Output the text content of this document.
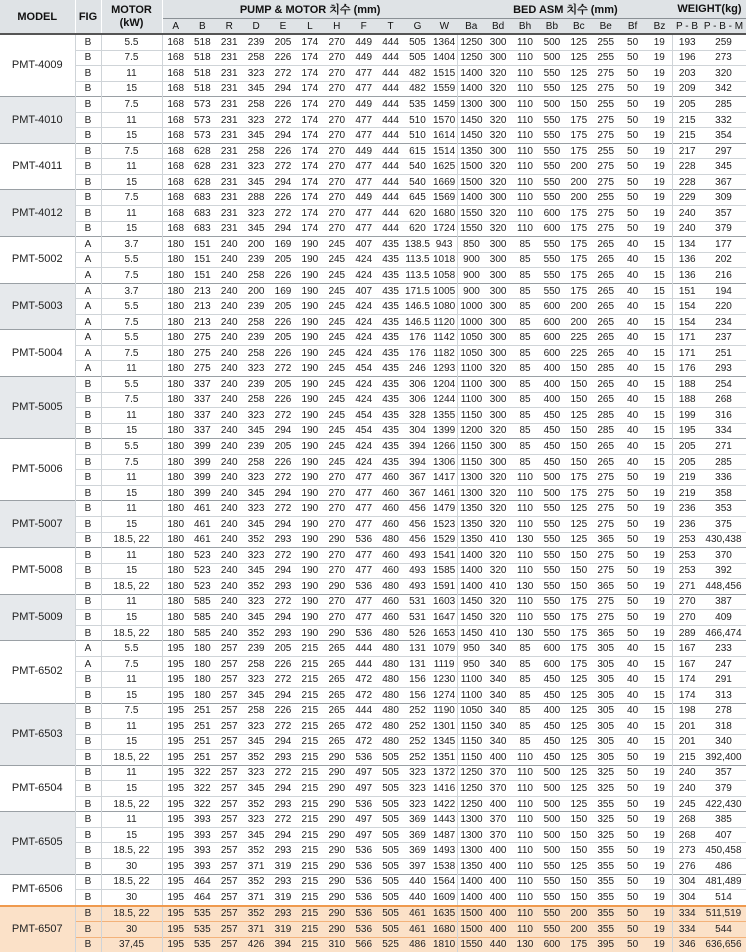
MODEL	FIG	MOTOR
(kW)	PUMP & MOTOR 치수 (mm)											BED ASM 치수 (mm)								WEIGHT(kg)	
			A	B	R	D	E	L	H	F	T	G	W	Ba	Bd	Bh	Bb	Bc	Be	Bf	Bz	P - B	P - B - M
PMT-4009	B	5.5	168	518	231	239	205	174	270	449	444	505	1364	1250	300	110	500	125	255	50	19	193	259
	B	7.5	168	518	231	258	226	174	270	449	444	505	1404	1250	300	110	500	125	255	50	19	196	273
	B	11	168	518	231	323	272	174	270	477	444	482	1515	1400	320	110	550	125	275	50	19	203	320
	B	15	168	518	231	345	294	174	270	477	444	482	1559	1400	320	110	550	125	275	50	19	209	342
PMT-4010	B	7.5	168	573	231	258	226	174	270	449	444	535	1459	1300	300	110	500	150	255	50	19	205	285
	B	11	168	573	231	323	272	174	270	477	444	510	1570	1450	320	110	550	175	275	50	19	215	332
	B	15	168	573	231	345	294	174	270	477	444	510	1614	1450	320	110	550	175	275	50	19	215	354
PMT-4011	B	7.5	168	628	231	258	226	174	270	449	444	615	1514	1350	300	110	550	175	255	50	19	217	297
	B	11	168	628	231	323	272	174	270	477	444	540	1625	1500	320	110	550	200	275	50	19	228	345
	B	15	168	628	231	345	294	174	270	477	444	540	1669	1500	320	110	550	200	275	50	19	228	367
PMT-4012	B	7.5	168	683	231	288	226	174	270	449	444	645	1569	1400	300	110	550	200	255	50	19	229	309
	B	11	168	683	231	323	272	174	270	477	444	620	1680	1550	320	110	600	175	275	50	19	240	357
	B	15	168	683	231	345	294	174	270	477	444	620	1724	1550	320	110	600	175	275	50	19	240	379
PMT-5002	A	3.7	180	151	240	200	169	190	245	407	435	138.5	943	850	300	85	550	175	265	40	15	134	177
	A	5.5	180	151	240	239	205	190	245	424	435	113.5	1018	900	300	85	550	175	265	40	15	136	202
	A	7.5	180	151	240	258	226	190	245	424	435	113.5	1058	900	300	85	550	175	265	40	15	136	216
PMT-5003	A	3.7	180	213	240	200	169	190	245	407	435	171.5	1005	900	300	85	550	175	265	40	15	151	194
	A	5.5	180	213	240	239	205	190	245	424	435	146.5	1080	1000	300	85	600	200	265	40	15	154	220
	A	7.5	180	213	240	258	226	190	245	424	435	146.5	1120	1000	300	85	600	200	265	40	15	154	234
PMT-5004	A	5.5	180	275	240	239	205	190	245	424	435	176	1142	1050	300	85	600	225	265	40	15	171	237
	A	7.5	180	275	240	258	226	190	245	424	435	176	1182	1050	300	85	600	225	265	40	15	171	251
	A	11	180	275	240	323	272	190	245	454	435	246	1293	1100	320	85	400	150	285	40	15	176	293
PMT-5005	B	5.5	180	337	240	239	205	190	245	424	435	306	1204	1100	300	85	400	150	265	40	15	188	254
	B	7.5	180	337	240	258	226	190	245	424	435	306	1244	1100	300	85	400	150	265	40	15	188	268
	B	11	180	337	240	323	272	190	245	454	435	328	1355	1150	300	85	450	125	285	40	15	199	316
	B	15	180	337	240	345	294	190	245	454	435	304	1399	1200	320	85	450	150	285	40	15	195	334
PMT-5006	B	5.5	180	399	240	239	205	190	245	424	435	394	1266	1150	300	85	450	150	265	40	15	205	271
	B	7.5	180	399	240	258	226	190	245	424	435	394	1306	1150	300	85	450	150	265	40	15	205	285
	B	11	180	399	240	323	272	190	270	477	460	367	1417	1300	320	110	500	175	275	50	19	219	336
	B	15	180	399	240	345	294	190	270	477	460	367	1461	1300	320	110	500	175	275	50	19	219	358
PMT-5007	B	11	180	461	240	323	272	190	270	477	460	456	1479	1350	320	110	550	125	275	50	19	236	353
	B	15	180	461	240	345	294	190	270	477	460	456	1523	1350	320	110	550	125	275	50	19	236	375
	B	18.5, 22	180	461	240	352	293	190	290	536	480	456	1529	1350	410	130	550	125	365	50	19	253	430,438
PMT-5008	B	11	180	523	240	323	272	190	270	477	460	493	1541	1400	320	110	550	150	275	50	19	253	370
	B	15	180	523	240	345	294	190	270	477	460	493	1585	1400	320	110	550	150	275	50	19	253	392
	B	18.5, 22	180	523	240	352	293	190	290	536	480	493	1591	1400	410	130	550	150	365	50	19	271	448,456
PMT-5009	B	11	180	585	240	323	272	190	270	477	460	531	1603	1450	320	110	550	175	275	50	19	270	387
	B	15	180	585	240	345	294	190	270	477	460	531	1647	1450	320	110	550	175	275	50	19	270	409
	B	18.5, 22	180	585	240	352	293	190	290	536	480	526	1653	1450	410	130	550	175	365	50	19	289	466,474
PMT-6502	A	5.5	195	180	257	239	205	215	265	444	480	131	1079	950	340	85	600	175	305	40	15	167	233
	A	7.5	195	180	257	258	226	215	265	444	480	131	1119	950	340	85	600	175	305	40	15	167	247
	B	11	195	180	257	323	272	215	265	472	480	156	1230	1100	340	85	450	125	305	40	15	174	291
	B	15	195	180	257	345	294	215	265	472	480	156	1274	1100	340	85	450	125	305	40	15	174	313
PMT-6503	B	7.5	195	251	257	258	226	215	265	444	480	252	1190	1050	340	85	400	125	305	40	15	198	278
	B	11	195	251	257	323	272	215	265	472	480	252	1301	1150	340	85	450	125	305	40	15	201	318
	B	15	195	251	257	345	294	215	265	472	480	252	1345	1150	340	85	450	125	305	40	15	201	340
	B	18.5, 22	195	251	257	352	293	215	290	536	505	252	1351	1150	400	110	450	125	305	50	19	215	392,400
PMT-6504	B	11	195	322	257	323	272	215	290	497	505	323	1372	1250	370	110	500	125	325	50	19	240	357
	B	15	195	322	257	345	294	215	290	497	505	323	1416	1250	370	110	500	125	325	50	19	240	379
	B	18.5, 22	195	322	257	352	293	215	290	536	505	323	1422	1250	400	110	500	125	355	50	19	245	422,430
PMT-6505	B	11	195	393	257	323	272	215	290	497	505	369	1443	1300	370	110	500	150	325	50	19	268	385
	B	15	195	393	257	345	294	215	290	497	505	369	1487	1300	370	110	500	150	325	50	19	268	407
	B	18.5, 22	195	393	257	352	293	215	290	536	505	369	1493	1300	400	110	500	150	355	50	19	273	450,458
	B	30	195	393	257	371	319	215	290	536	505	397	1538	1350	400	110	550	125	355	50	19	276	486
PMT-6506	B	18.5, 22	195	464	257	352	293	215	290	536	505	440	1564	1400	400	110	550	150	355	50	19	304	481,489
	B	30	195	464	257	371	319	215	290	536	505	440	1609	1400	400	110	550	150	355	50	19	304	514
PMT-6507	B	18.5, 22	195	535	257	352	293	215	290	536	505	461	1635	1500	400	110	550	200	355	50	19	334	511,519
	B	30	195	535	257	371	319	215	290	536	505	461	1680	1500	400	110	550	200	355	50	19	334	544
	B	37,45	195	535	257	426	394	215	310	566	525	486	1810	1550	440	130	600	175	395	50	19	346	636,656
